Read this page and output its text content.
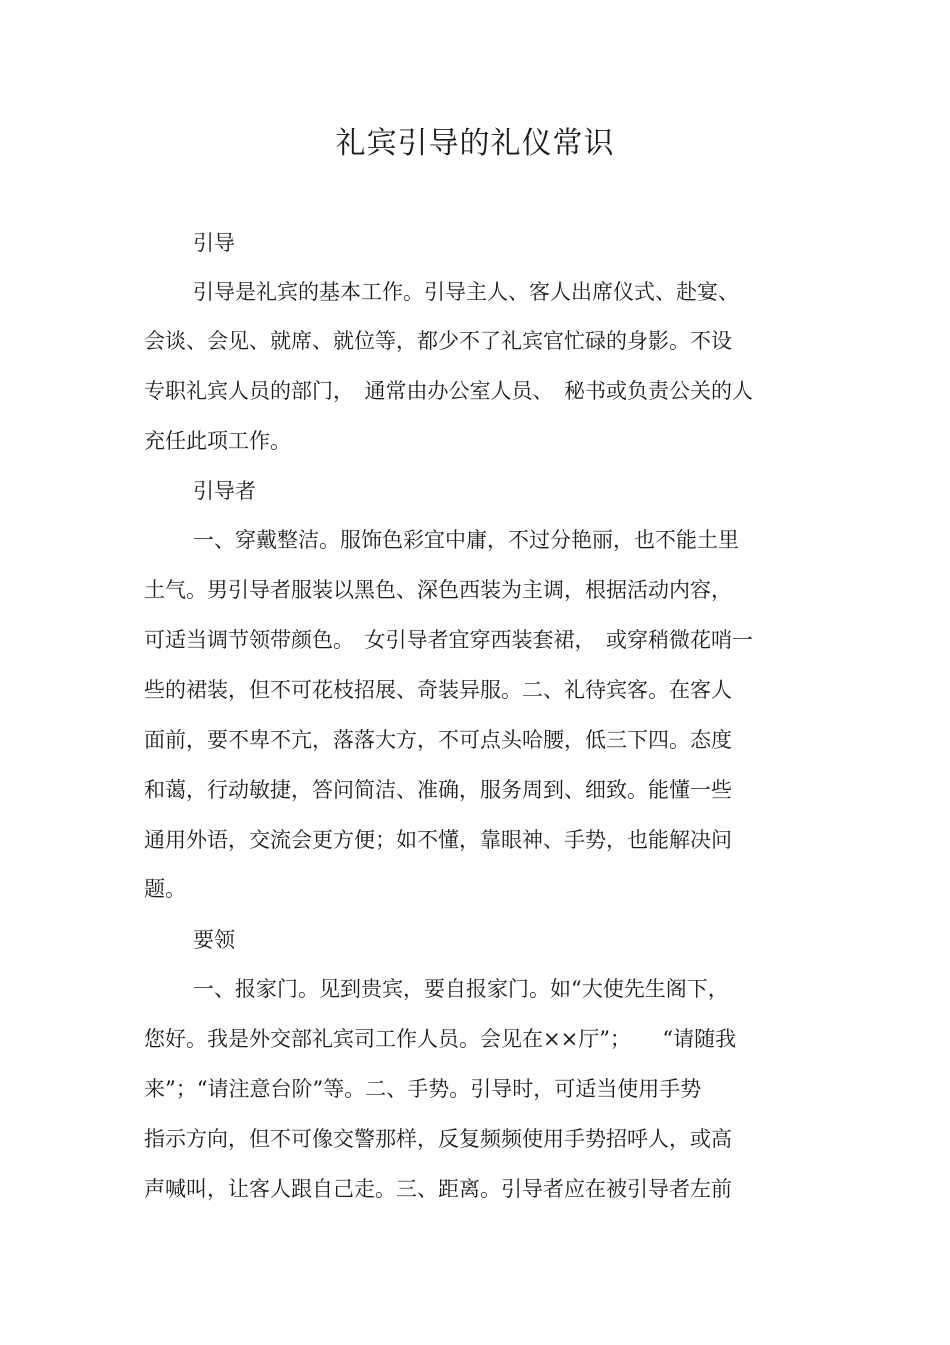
礼宾引导的礼仪常识

引导

引导是礼宾的基本工作。引导主人、客人出席仪式、赴宴、

会谈、会见、就席、就位等，都少不了礼宾官忙碌的身影。不设

专职礼宾人员的部门，　通常由办公室人员、　秘书或负责公关的人

充任此项工作。

引导者

一、穿戴整洁。服饰色彩宜中庸，不过分艳丽，也不能土里

土气。男引导者服装以黑色、深色西装为主调，根据活动内容，

可适当调节领带颜色。　女引导者宜穿西装套裙，　或穿稍微花哨一

些的裙装，但不可花枝招展、奇装异服。二、礼待宾客。在客人

面前，要不卑不亢，落落大方，不可点头哈腰，低三下四。态度

和蔼，行动敏捷，答问简洁、准确，服务周到、细致。能懂一些

通用外语，交流会更方便；如不懂，靠眼神、手势，也能解决问

题。

要领

一、报家门。见到贵宾，要自报家门。如“大使先生阁下，

您好。我是外交部礼宾司工作人员。会见在××厅”；　　“请随我

来”；“请注意台阶”等。二、手势。引导时，可适当使用手势

指示方向，但不可像交警那样，反复频频使用手势招呼人，或高

声喊叫，让客人跟自己走。三、距离。引导者应在被引导者左前
